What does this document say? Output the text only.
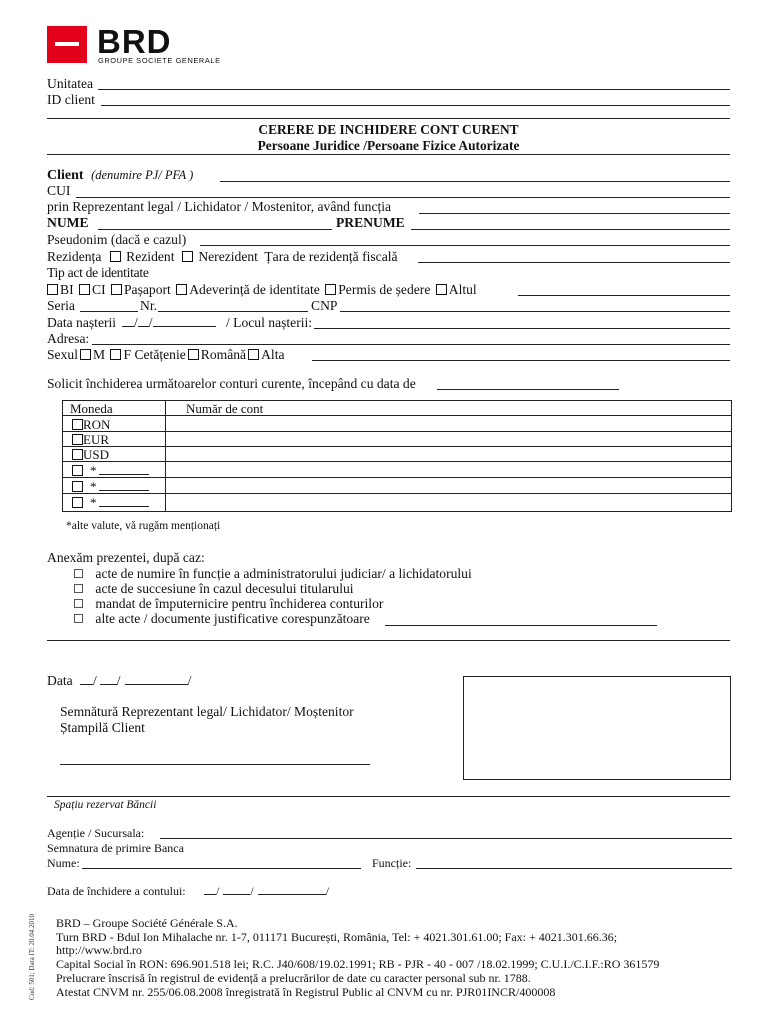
BRD
GROUPE SOCIETE GENERALE
Unitatea
ID client
CERERE DE INCHIDERE CONT CURENT
Persoane Juridice /Persoane Fizice Autorizate
Client (denumire PJ/ PFA )
CUI
prin Reprezentant legal / Lichidator / Mostenitor, având funcția
NUME	PRENUME
Pseudonim (dacă e cazul)
Rezidența Rezident Nerezident Țara de rezidență fiscală
Tip act de identitate
BI CI Pașaport Adeverință de identitate Permis de ședere Altul
Seria	Nr.	CNP
Data nașterii	/ /	/ Locul nașterii:
Adresa:
Sexul M F Cetățenie Română Alta
Solicit închiderea următoarelor conturi curente, începând cu data de
Moneda	Număr de cont
RON
EUR
USD
*
*
*
*alte valute, vă rugăm menționați
Anexăm prezentei, după caz:
acte de numire în funcție a administratorului judiciar/ a lichidatorului
acte de succesiune în cazul decesului titularului
mandat de împuternicire pentru închiderea conturilor
alte acte / documente justificative corespunzătoare
Data	/ /	/
Semnătură Reprezentant legal/ Lichidator/ Moștenitor
Ștampilă Client
Spațiu rezervat Băncii
Agenție / Sucursala:
Semnatura de primire Banca
Nume:	Funcție:
Data de închidere a contului:	/	/	/
Cod: 501; Data IT: 20.04.2010 BRD – Groupe Société Générale S.A.
Turn BRD - Bdul Ion Mihalache nr. 1-7, 011171 București, România, Tel: + 4021.301.61.00; Fax: + 4021.301.66.36;
http://www.brd.ro
Capital Social în RON: 696.901.518 lei; R.C. J40/608/19.02.1991; RB - PJR - 40 - 007 /18.02.1999; C.U.I./C.I.F.:RO 361579
Prelucrare înscrisă în registrul de evidență a prelucrărilor de date cu caracter personal sub nr. 1788.
Atestat CNVM nr. 255/06.08.2008 înregistrată în Registrul Public al CNVM cu nr. PJR01INCR/400008
